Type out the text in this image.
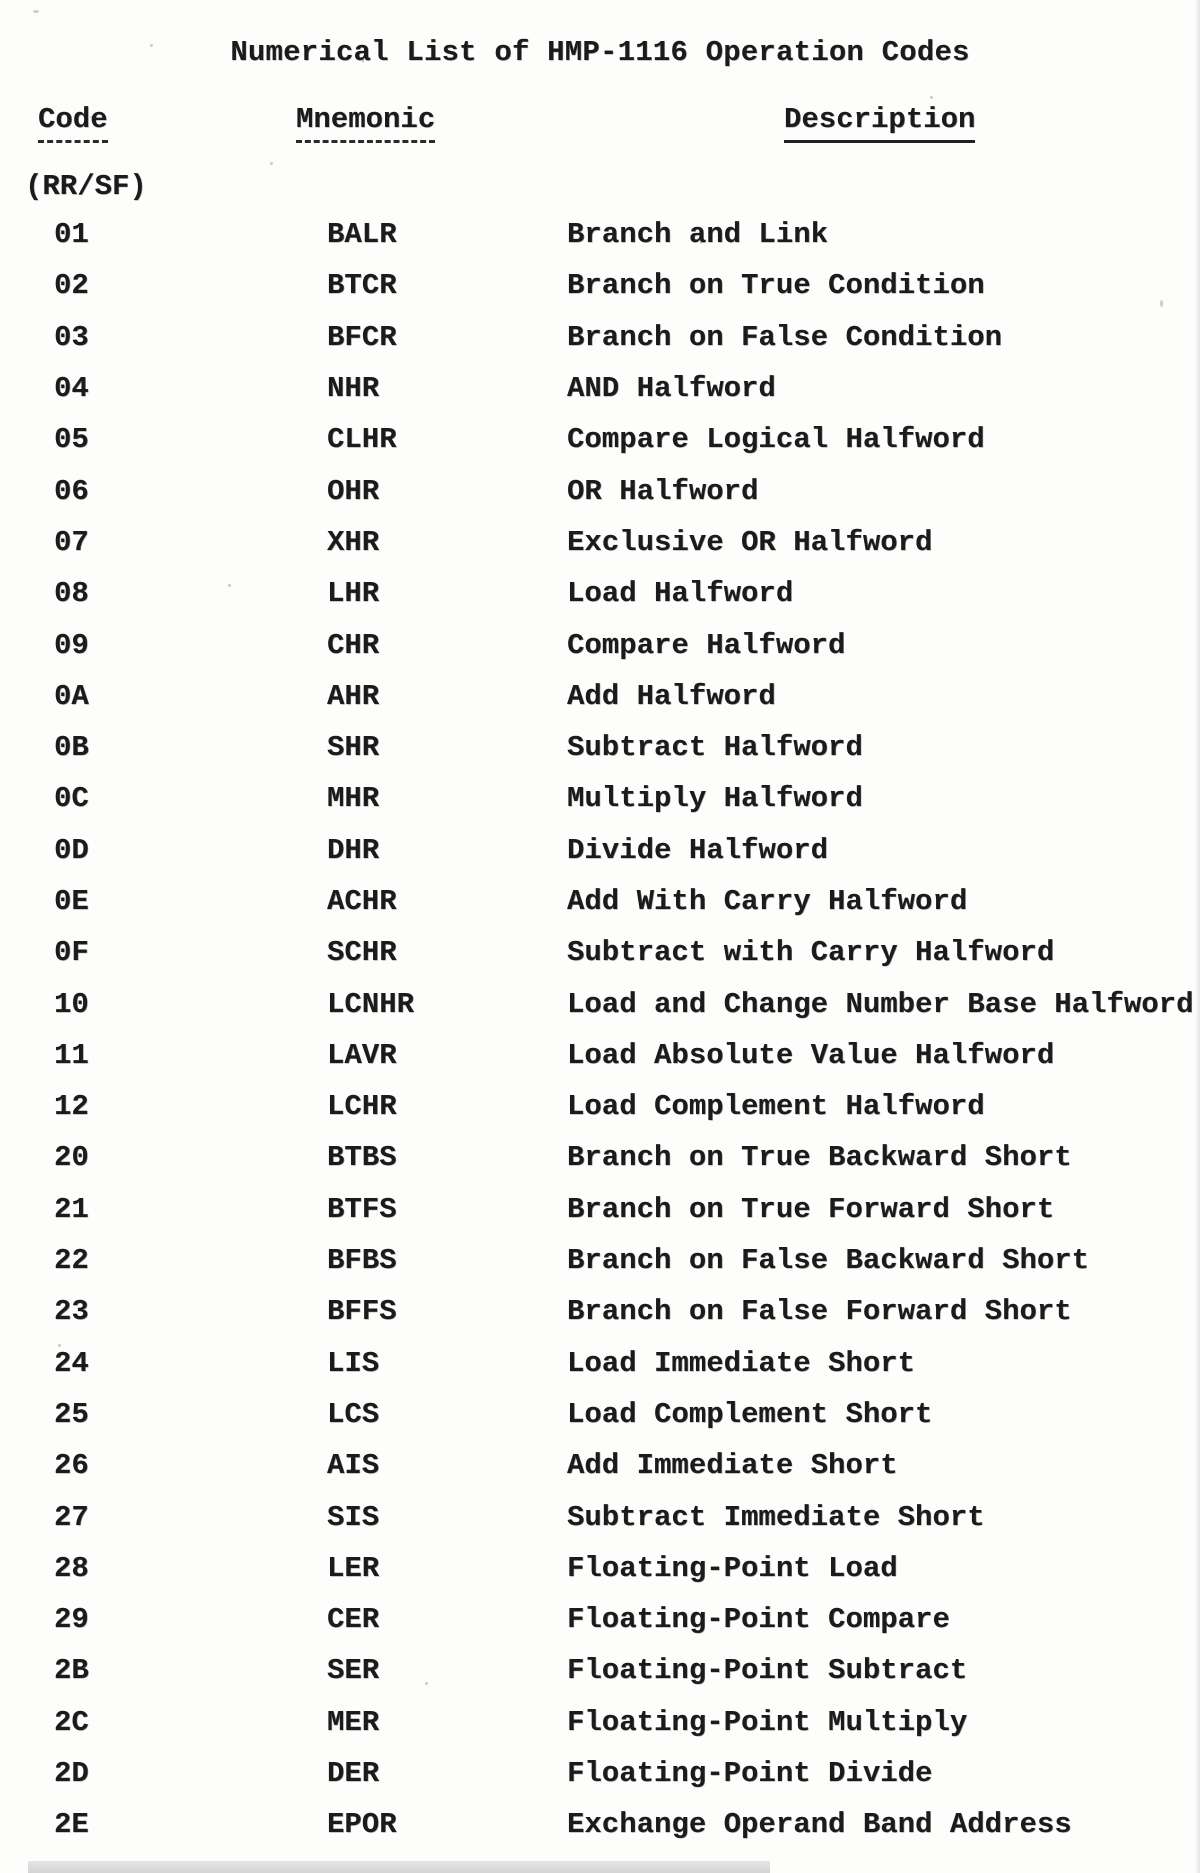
Numerical List of HMP-1116 Operation Codes
Code	Mnemonic	Description
(RR/SF)
01	BALR	Branch and Link
02	BTCR	Branch on True Condition
03	BFCR	Branch on False Condition
04	NHR	AND Halfword
05	CLHR	Compare Logical Halfword
06	OHR	OR Halfword
07	XHR	Exclusive OR Halfword
08	LHR	Load Halfword
09	CHR	Compare Halfword
0A	AHR	Add Halfword
0B	SHR	Subtract Halfword
0C	MHR	Multiply Halfword
0D	DHR	Divide Halfword
0E	ACHR	Add With Carry Halfword
0F	SCHR	Subtract with Carry Halfword
10	LCNHR	Load and Change Number Base Halfword
11	LAVR	Load Absolute Value Halfword
12	LCHR	Load Complement Halfword
20	BTBS	Branch on True Backward Short
21	BTFS	Branch on True Forward Short
22	BFBS	Branch on False Backward Short
23	BFFS	Branch on False Forward Short
24	LIS	Load Immediate Short
25	LCS	Load Complement Short
26	AIS	Add Immediate Short
27	SIS	Subtract Immediate Short
28	LER	Floating-Point Load
29	CER	Floating-Point Compare
2B	SER	Floating-Point Subtract
2C	MER	Floating-Point Multiply
2D	DER	Floating-Point Divide
2E	EPOR	Exchange Operand Band Address
